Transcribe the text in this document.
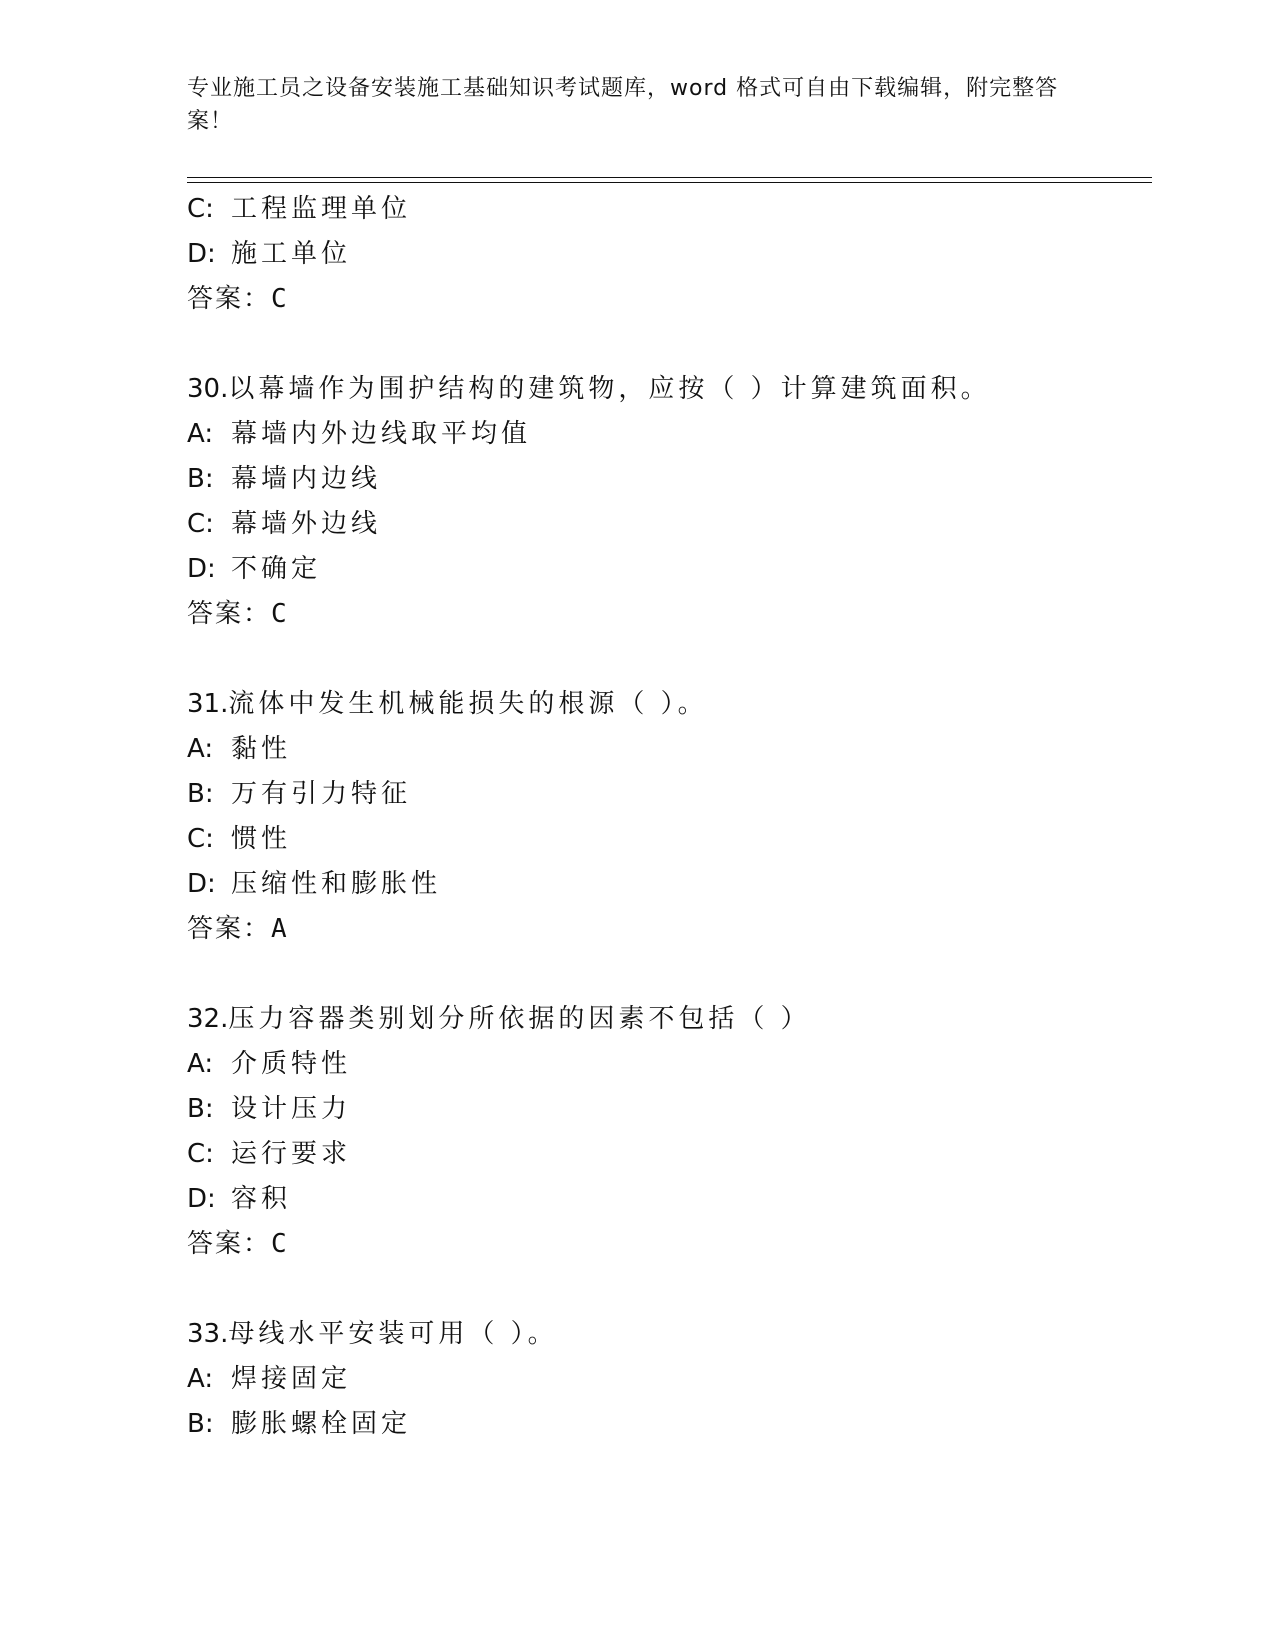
专业施工员之设备安装施工基础知识考试题库，word 格式可自由下载编辑，附完整答案！
C: 工程监理单位
D: 施工单位
答案：C
30.以幕墙作为围护结构的建筑物，应按（ ）计算建筑面积。
A: 幕墙内外边线取平均值
B: 幕墙内边线
C: 幕墙外边线
D: 不确定
答案：C
31.流体中发生机械能损失的根源（ ）。
A: 黏性
B: 万有引力特征
C: 惯性
D: 压缩性和膨胀性
答案：A
32.压力容器类别划分所依据的因素不包括（ ）
A: 介质特性
B: 设计压力
C: 运行要求
D: 容积
答案：C
33.母线水平安装可用（ ）。
A: 焊接固定
B: 膨胀螺栓固定
